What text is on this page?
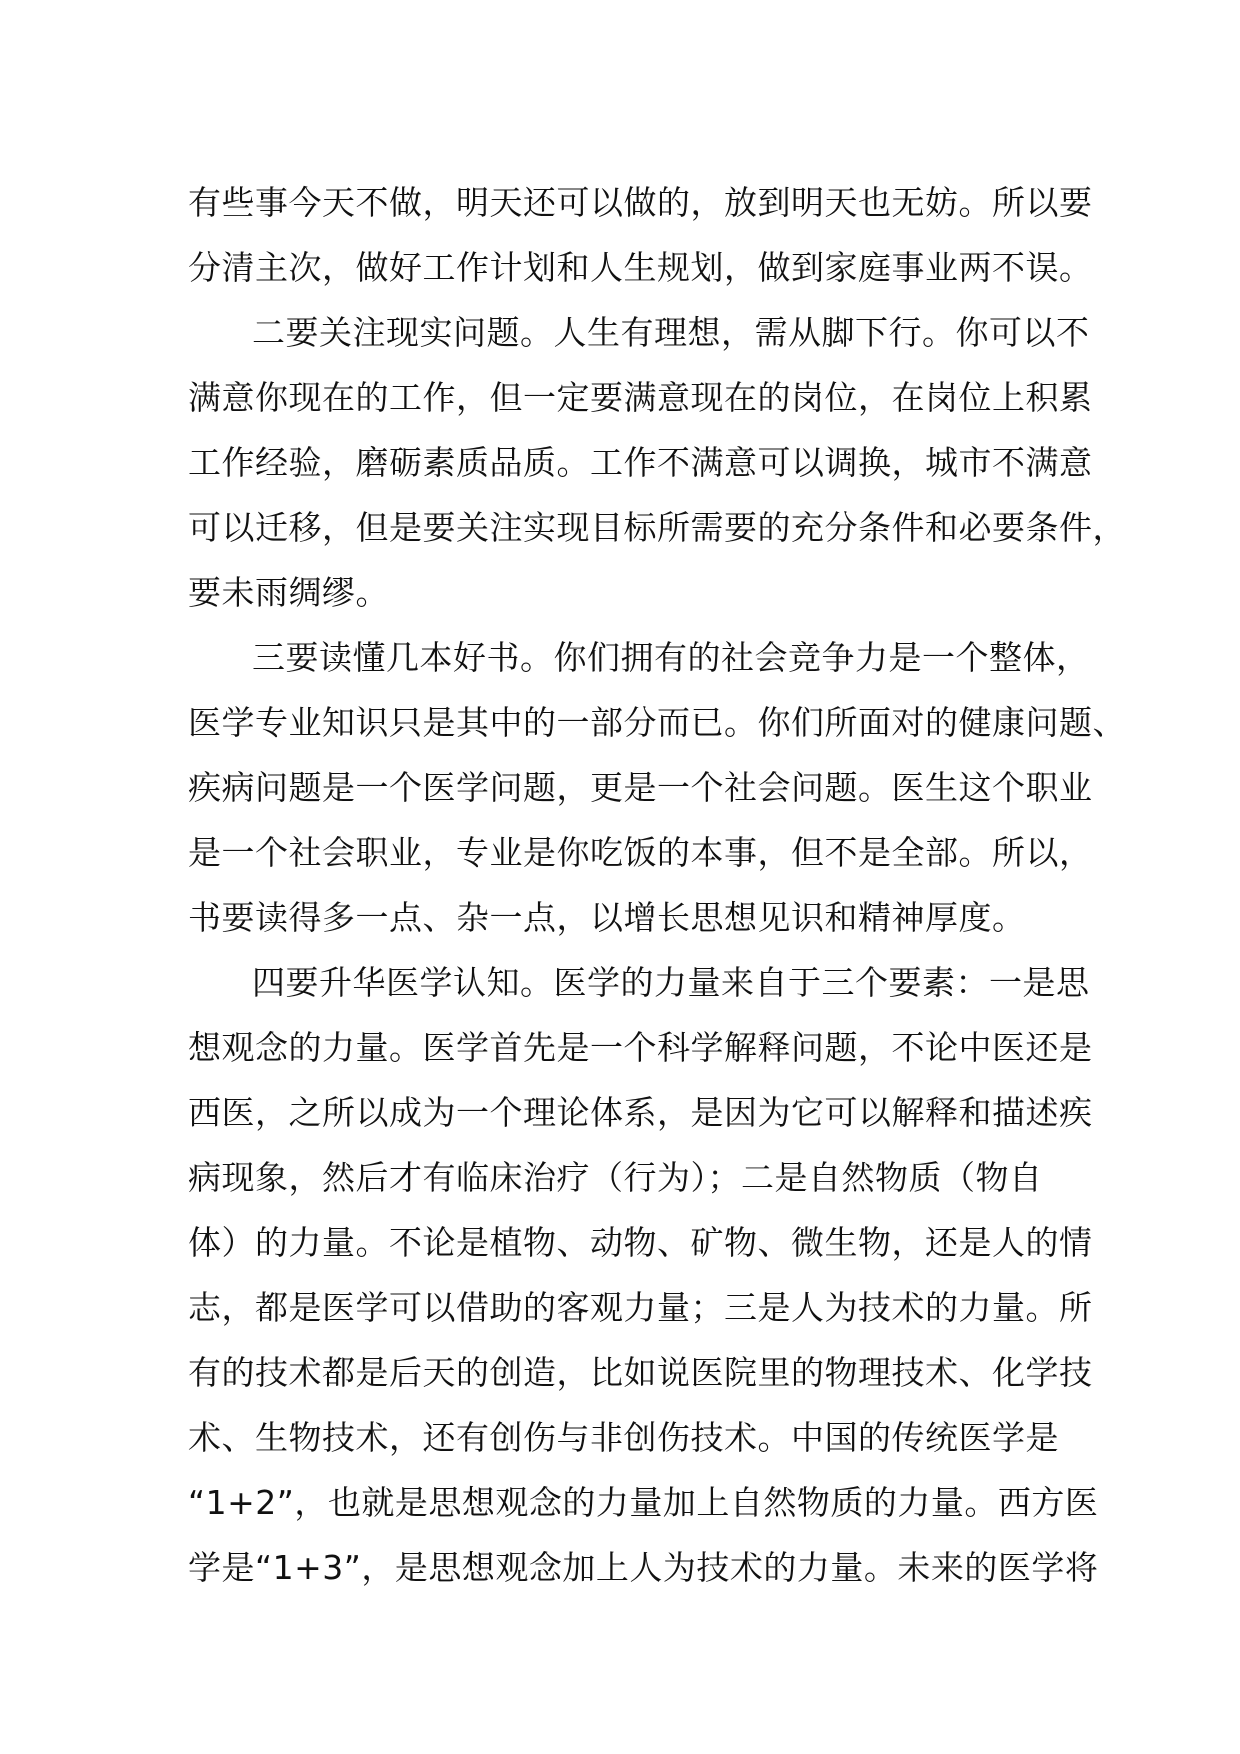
有些事今天不做，明天还可以做的，放到明天也无妨。所以要
分清主次，做好工作计划和人生规划，做到家庭事业两不误。
二要关注现实问题。人生有理想，需从脚下行。你可以不
满意你现在的工作，但一定要满意现在的岗位，在岗位上积累
工作经验，磨砺素质品质。工作不满意可以调换，城市不满意
可以迁移，但是要关注实现目标所需要的充分条件和必要条件，
要未雨绸缪。
三要读懂几本好书。你们拥有的社会竞争力是一个整体，
医学专业知识只是其中的一部分而已。你们所面对的健康问题、
疾病问题是一个医学问题，更是一个社会问题。医生这个职业
是一个社会职业，专业是你吃饭的本事，但不是全部。所以，
书要读得多一点、杂一点，以增长思想见识和精神厚度。
四要升华医学认知。医学的力量来自于三个要素：一是思
想观念的力量。医学首先是一个科学解释问题，不论中医还是
西医，之所以成为一个理论体系，是因为它可以解释和描述疾
病现象，然后才有临床治疗（行为）；二是自然物质（物自
体）的力量。不论是植物、动物、矿物、微生物，还是人的情
志，都是医学可以借助的客观力量；三是人为技术的力量。所
有的技术都是后天的创造，比如说医院里的物理技术、化学技
术、生物技术，还有创伤与非创伤技术。中国的传统医学是
“1+2”，也就是思想观念的力量加上自然物质的力量。西方医
学是“1+3”，是思想观念加上人为技术的力量。未来的医学将
